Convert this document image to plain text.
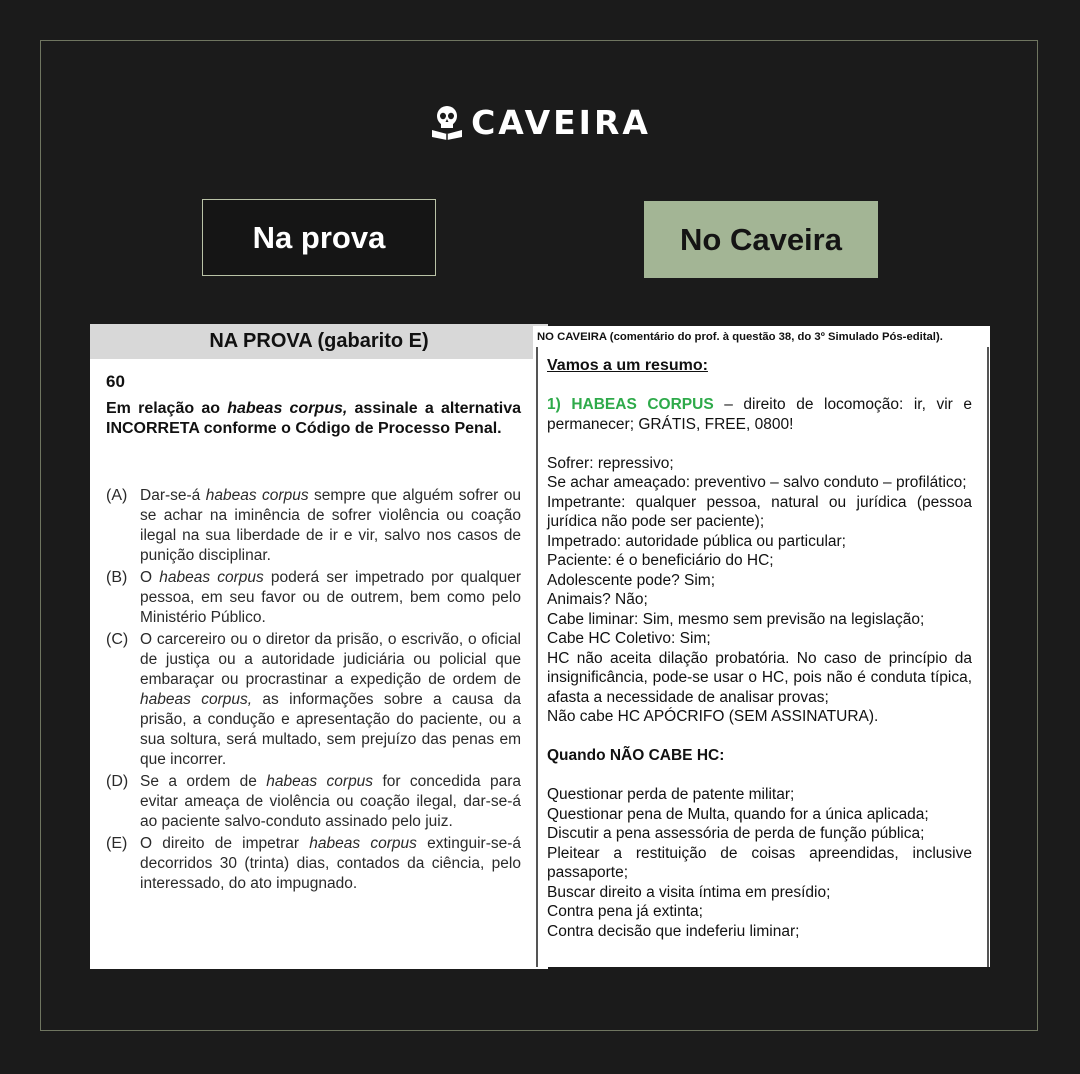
CAVEIRA
Na prova	No Caveira
NA PROVA (gabarito E)
60
Em relação ao habeas corpus, assinale a alternativa INCORRETA conforme o Código de Processo Penal.
(A) Dar-se-á habeas corpus sempre que alguém sofrer ou se achar na iminência de sofrer violência ou coação ilegal na sua liberdade de ir e vir, salvo nos casos de punição disciplinar.
(B) O habeas corpus poderá ser impetrado por qualquer pessoa, em seu favor ou de outrem, bem como pelo Ministério Público.
(C) O carcereiro ou o diretor da prisão, o escrivão, o oficial de justiça ou a autoridade judiciária ou policial que embaraçar ou procrastinar a expedição de ordem de habeas corpus, as informações sobre a causa da prisão, a condução e apresentação do paciente, ou a sua soltura, será multado, sem prejuízo das penas em que incorrer.
(D) Se a ordem de habeas corpus for concedida para evitar ameaça de violência ou coação ilegal, dar-se-á ao paciente salvo-conduto assinado pelo juiz.
(E) O direito de impetrar habeas corpus extinguir-se-á decorridos 30 (trinta) dias, contados da ciência, pelo interessado, do ato impugnado.
NO CAVEIRA (comentário do prof. à questão 38, do 3º Simulado Pós-edital).
Vamos a um resumo:
1) HABEAS CORPUS – direito de locomoção: ir, vir e permanecer; GRÁTIS, FREE, 0800!
Sofrer: repressivo;
Se achar ameaçado: preventivo – salvo conduto – profilático;
Impetrante: qualquer pessoa, natural ou jurídica (pessoa jurídica não pode ser paciente);
Impetrado: autoridade pública ou particular;
Paciente: é o beneficiário do HC;
Adolescente pode? Sim;
Animais? Não;
Cabe liminar: Sim, mesmo sem previsão na legislação;
Cabe HC Coletivo: Sim;
HC não aceita dilação probatória. No caso de princípio da insignificância, pode-se usar o HC, pois não é conduta típica, afasta a necessidade de analisar provas;
Não cabe HC APÓCRIFO (SEM ASSINATURA).
Quando NÃO CABE HC:
Questionar perda de patente militar;
Questionar pena de Multa, quando for a única aplicada;
Discutir a pena assessória de perda de função pública;
Pleitear a restituição de coisas apreendidas, inclusive passaporte;
Buscar direito a visita íntima em presídio;
Contra pena já extinta;
Contra decisão que indeferiu liminar;
